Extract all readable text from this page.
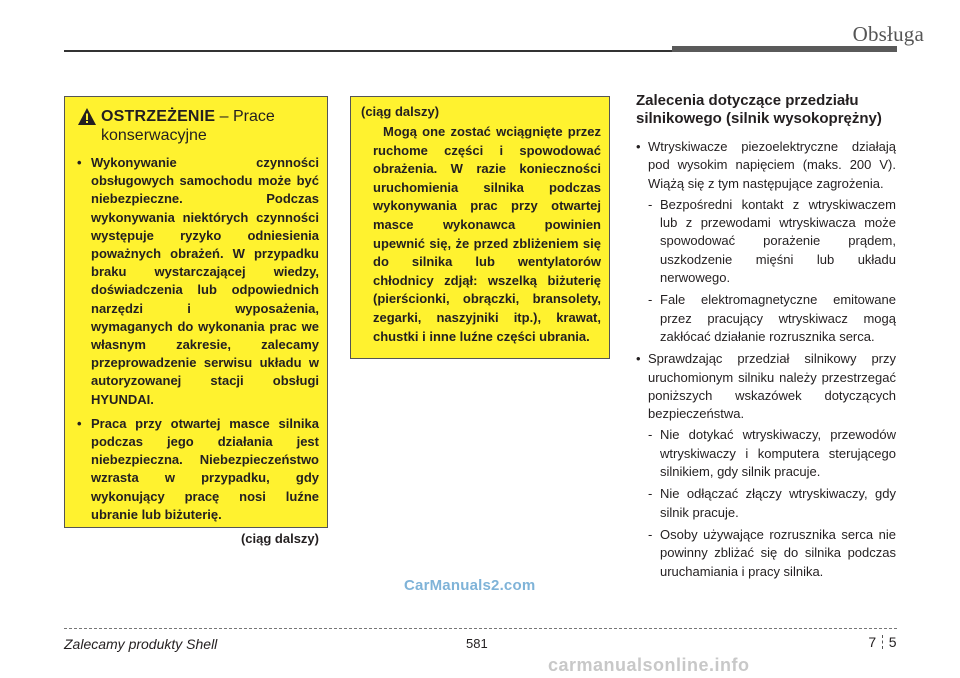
Obsługa
OSTRZEŻENIE – Prace
konserwacyjne
• Wykonywanie czynności obsługowych samochodu może być niebezpieczne. Podczas wykonywania niektórych czynności występuje ryzyko odniesienia poważnych obrażeń. W przypadku braku wystarczającej wiedzy, doświadczenia lub odpowiednich narzędzi i wyposażenia, wymaganych do wykonania prac we własnym zakresie, zalecamy przeprowadzenie serwisu układu w autoryzowanej stacji obsługi HYUNDAI.
• Praca przy otwartej masce silnika podczas jego działania jest niebezpieczna. Niebezpieczeństwo wzrasta w przypadku, gdy wykonujący pracę nosi luźne ubranie lub biżuterię.
(ciąg dalszy)
(ciąg dalszy)
Mogą one zostać wciągnięte przez ruchome części i spowodować obrażenia. W razie konieczności uruchomienia silnika podczas wykonywania prac przy otwartej masce wykonawca powinien upewnić się, że przed zbliżeniem się do silnika lub wentylatorów chłodnicy zdjął: wszelką biżuterię (pierścionki, obrączki, bransolety, zegarki, naszyjniki itp.), krawat, chustki i inne luźne części ubrania.
Zalecenia dotyczące przedziału silnikowego (silnik wysokoprężny)
• Wtryskiwacze piezoelektryczne działają pod wysokim napięciem (maks. 200 V). Wiążą się z tym następujące zagrożenia.
- Bezpośredni kontakt z wtryskiwaczem lub z przewodami wtryskiwacza może spowodować porażenie prądem, uszkodzenie mięśni lub układu nerwowego.
- Fale elektromagnetyczne emitowane przez pracujący wtryskiwacz mogą zakłócać działanie rozrusznika serca.
• Sprawdzając przedział silnikowy przy uruchomionym silniku należy przestrzegać poniższych wskazówek dotyczących bezpieczeństwa.
- Nie dotykać wtryskiwaczy, przewodów wtryskiwaczy i komputera sterującego silnikiem, gdy silnik pracuje.
- Nie odłączać złączy wtryskiwaczy, gdy silnik pracuje.
- Osoby używające rozrusznika serca nie powinny zbliżać się do silnika podczas uruchamiania i pracy silnika.
CarManuals2.com
Zalecamy produkty Shell	581	7 5
carmanualsonline.info
